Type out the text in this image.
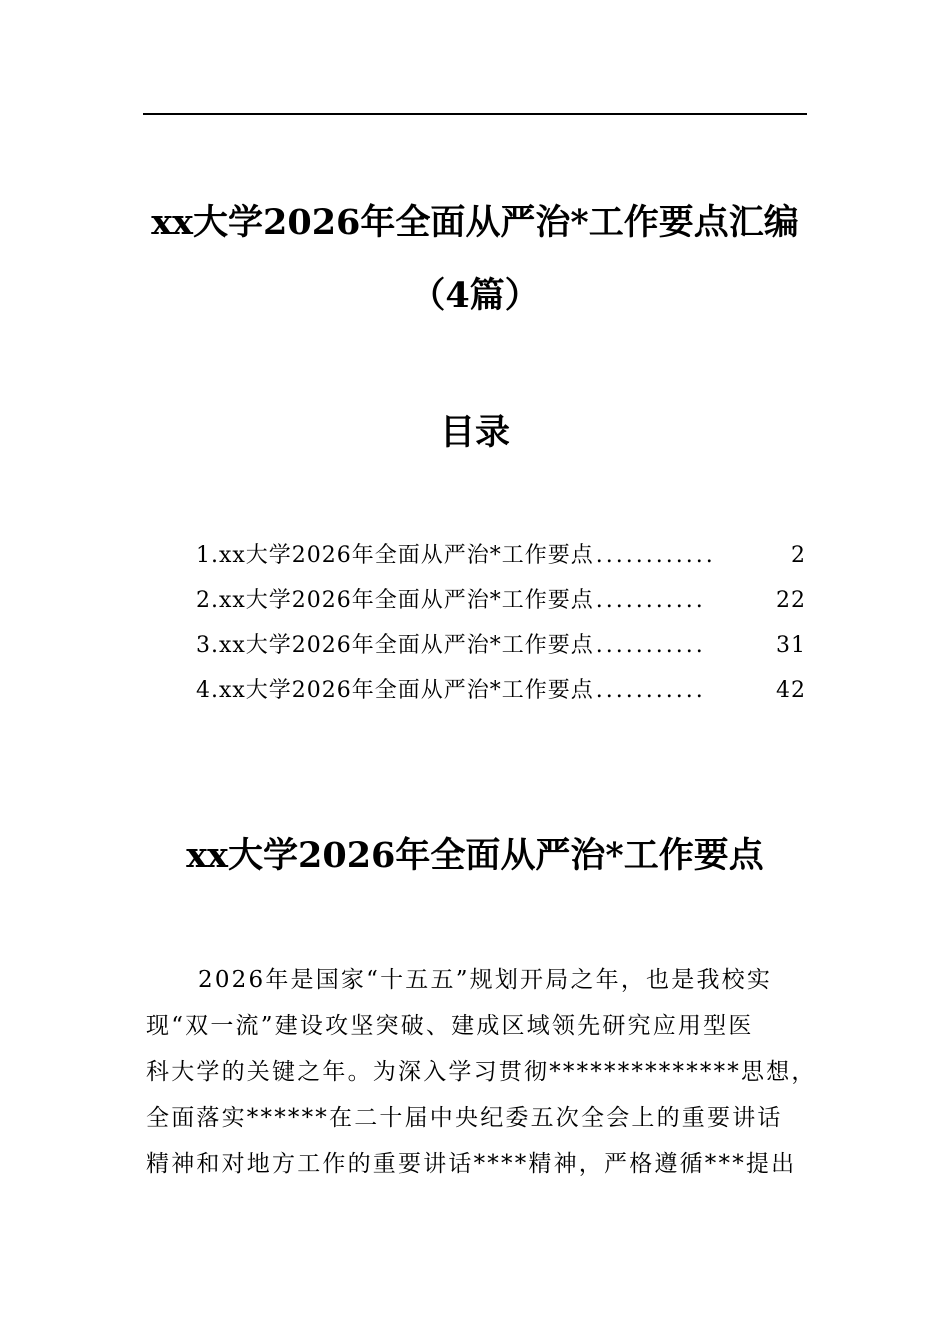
xx大学2026年全面从严治*工作要点汇编
（4篇）
目录
1.xx大学2026年全面从严治*工作要点 ............	2
2.xx大学2026年全面从严治*工作要点 ...........	22
3.xx大学2026年全面从严治*工作要点 ...........	31
4.xx大学2026年全面从严治*工作要点 ...........	42
xx大学2026年全面从严治*工作要点

2026年是国家“十五五”规划开局之年，也是我校实
现“双一流”建设攻坚突破、建成区域领先研究应用型医
科大学的关键之年。为深入学习贯彻**************思想，
全面落实******在二十届中央纪委五次全会上的重要讲话
精神和对地方工作的重要讲话****精神，严格遵循***提出
